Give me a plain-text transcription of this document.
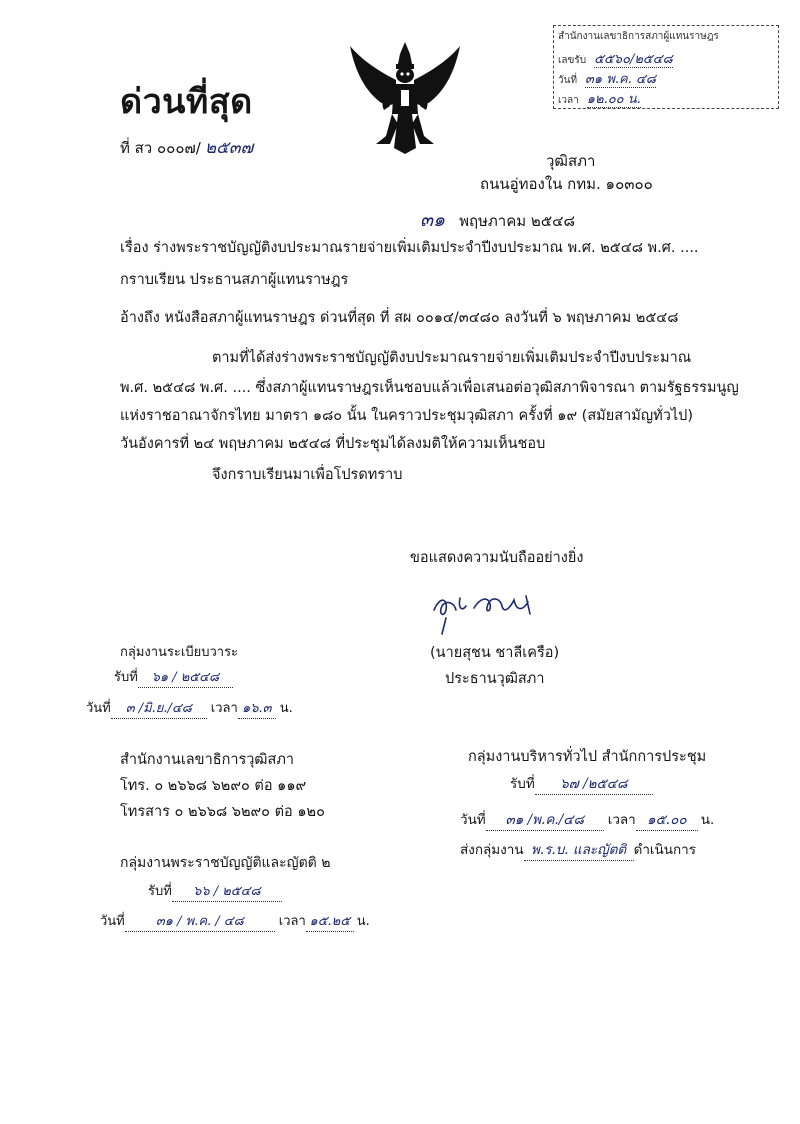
ด่วนที่สุด
ที่ สว ๐๐๐๗/ ๒๕๓๗
สำนักงานเลขาธิการสภาผู้แทนราษฎร
เลขรับ ๕๕๖๐/๒๕๔๘
วันที่ ๓๑ พ.ค. ๔๘
เวลา ๑๒.๐๐ น.
วุฒิสภา
ถนนอู่ทองใน กทม. ๑๐๓๐๐
๓๑ พฤษภาคม ๒๕๔๘
เรื่อง ร่างพระราชบัญญัติงบประมาณรายจ่ายเพิ่มเติมประจำปีงบประมาณ พ.ศ. ๒๕๔๘ พ.ศ. ....
กราบเรียน ประธานสภาผู้แทนราษฎร
อ้างถึง หนังสือสภาผู้แทนราษฎร ด่วนที่สุด ที่ สผ ๐๐๑๔/๓๔๘๐ ลงวันที่ ๖ พฤษภาคม ๒๕๔๘
ตามที่ได้ส่งร่างพระราชบัญญัติงบประมาณรายจ่ายเพิ่มเติมประจำปีงบประมาณ
พ.ศ. ๒๕๔๘ พ.ศ. .... ซึ่งสภาผู้แทนราษฎรเห็นชอบแล้วเพื่อเสนอต่อวุฒิสภาพิจารณา ตามรัฐธรรมนูญ
แห่งราชอาณาจักรไทย มาตรา ๑๘๐ นั้น ในคราวประชุมวุฒิสภา ครั้งที่ ๑๙ (สมัยสามัญทั่วไป)
วันอังคารที่ ๒๔ พฤษภาคม ๒๕๔๘ ที่ประชุมได้ลงมติให้ความเห็นชอบ
จึงกราบเรียนมาเพื่อโปรดทราบ
ขอแสดงความนับถืออย่างยิ่ง
(นายสุชน ชาลีเครือ)
ประธานวุฒิสภา
กลุ่มงานระเบียบวาระ
รับที่ ๖๑ / ๒๕๔๘
วันที่ ๓ /มิ.ย./๔๘ เวลา ๑๖.๓ น.
สำนักงานเลขาธิการวุฒิสภา
โทร. ๐ ๒๖๖๘ ๖๒๙๐ ต่อ ๑๑๙
โทรสาร ๐ ๒๖๖๘ ๖๒๙๐ ต่อ ๑๒๐
กลุ่มงานพระราชบัญญัติและญัตติ ๒
รับที่ ๖๖ / ๒๕๔๘
วันที่ ๓๑ / พ.ค. / ๔๘	เวลา ๑๕.๒๕ น.
กลุ่มงานบริหารทั่วไป สำนักการประชุม
รับที่ ๖๗ /๒๕๔๘
วันที่ ๓๑ /พ.ค./๔๘ เวลา ๑๕.๐๐ น.
ส่งกลุ่มงาน พ.ร.บ. และญัตติ ดำเนินการ
